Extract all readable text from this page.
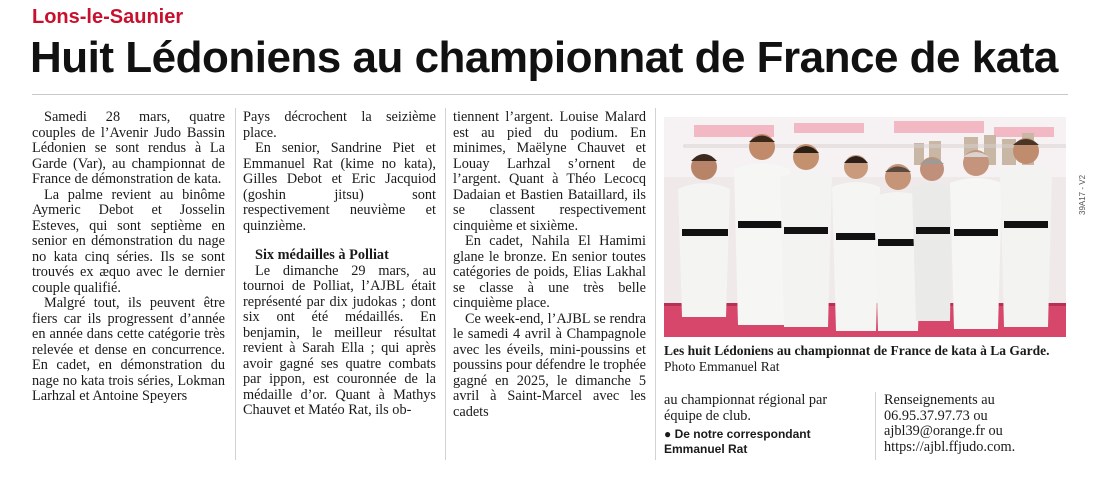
Lons-le-Saunier
Huit Lédoniens au championnat de France de kata

Samedi 28 mars, quatre couples de l’Avenir Judo Bassin Lédonien se sont rendus à La Garde (Var), au championnat de France de démonstration de kata.

La palme revient au binôme Aymeric Debot et Josselin Esteves, qui sont septième en senior en démonstration du nage no kata cinq séries. Ils se sont trouvés ex æquo avec le dernier couple qualifié.

Malgré tout, ils peuvent être fiers car ils progressent d’année en année dans cette catégorie très relevée et dense en concurrence. En cadet, en démonstration du nage no kata trois séries, Lokman Larhzal et Antoine Speyers

Pays décrochent la seizième place.

En senior, Sandrine Piet et Emmanuel Rat (kime no kata), Gilles Debot et Eric Jacquiod (goshin jitsu) sont respectivement neuvième et quinzième.

Six médailles à Polliat

Le dimanche 29 mars, au tournoi de Polliat, l’AJBL était représenté par dix judokas ; dont six ont été médaillés. En benjamin, le meilleur résultat revient à Sarah Ella ; qui après avoir gagné ses quatre combats par ippon, est couronnée de la médaille d’or. Quant à Mathys Chauvet et Matéo Rat, ils ob-

tiennent l’argent. Louise Malard est au pied du podium. En minimes, Maëlyne Chauvet et Louay Larhzal s’ornent de l’argent. Quant à Théo Lecocq Dadaian et Bastien Bataillard, ils se classent respectivement cinquième et sixième.

En cadet, Nahila El Hamimi glane le bronze. En senior toutes catégories de poids, Elias Lakhal se classe à une très belle cinquième place.

Ce week-end, l’AJBL se rendra le samedi 4 avril à Champagnole avec les éveils, mini-poussins et poussins pour défendre le trophée gagné en 2025, le dimanche 5 avril à Saint-Marcel avec les cadets

Les huit Lédoniens au championnat de France de kata à La Garde. Photo Emmanuel Rat
au championnat régional par équipe de club.
● De notre correspondant Emmanuel Rat
Renseignements au 06.95.37.97.73 ou ajbl39@orange.fr ou https://ajbl.ffjudo.com.
39A17 - V2
